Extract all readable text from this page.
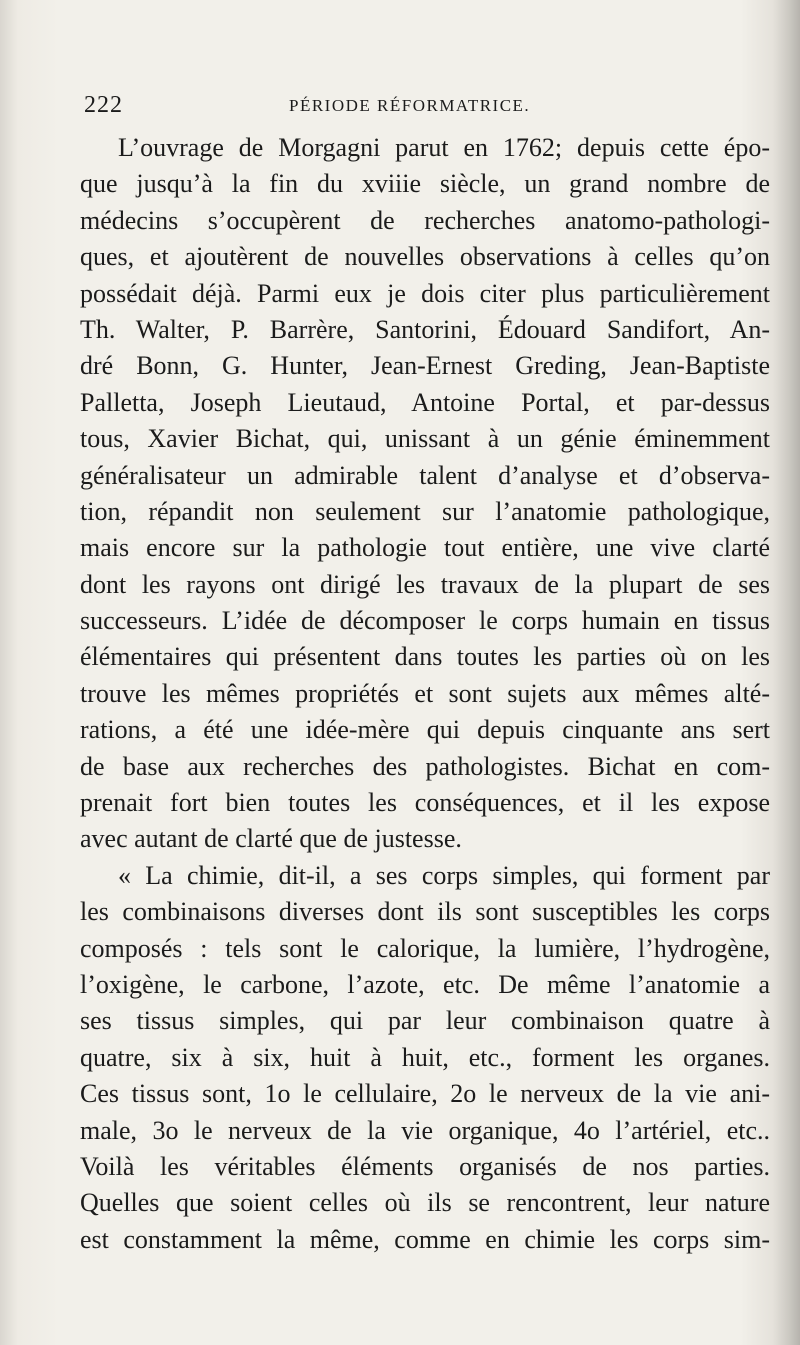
222	PÉRIODE RÉFORMATRICE.
L’ouvrage de Morgagni parut en 1762; depuis cette épo-
que jusqu’à la fin du xviiie siècle, un grand nombre de
médecins s’occupèrent de recherches anatomo-pathologi-
ques, et ajoutèrent de nouvelles observations à celles qu’on
possédait déjà. Parmi eux je dois citer plus particulièrement
Th. Walter, P. Barrère, Santorini, Édouard Sandifort, An-
dré Bonn, G. Hunter, Jean-Ernest Greding, Jean-Baptiste
Palletta, Joseph Lieutaud, Antoine Portal, et par-dessus
tous, Xavier Bichat, qui, unissant à un génie éminemment
généralisateur un admirable talent d’analyse et d’observa-
tion, répandit non seulement sur l’anatomie pathologique,
mais encore sur la pathologie tout entière, une vive clarté
dont les rayons ont dirigé les travaux de la plupart de ses
successeurs. L’idée de décomposer le corps humain en tissus
élémentaires qui présentent dans toutes les parties où on les
trouve les mêmes propriétés et sont sujets aux mêmes alté-
rations, a été une idée-mère qui depuis cinquante ans sert
de base aux recherches des pathologistes. Bichat en com-
prenait fort bien toutes les conséquences, et il les expose
avec autant de clarté que de justesse.
« La chimie, dit-il, a ses corps simples, qui forment par
les combinaisons diverses dont ils sont susceptibles les corps
composés : tels sont le calorique, la lumière, l’hydrogène,
l’oxigène, le carbone, l’azote, etc. De même l’anatomie a
ses tissus simples, qui par leur combinaison quatre à
quatre, six à six, huit à huit, etc., forment les organes.
Ces tissus sont, 1o le cellulaire, 2o le nerveux de la vie ani-
male, 3o le nerveux de la vie organique, 4o l’artériel, etc..
Voilà les véritables éléments organisés de nos parties.
Quelles que soient celles où ils se rencontrent, leur nature
est constamment la même, comme en chimie les corps sim-
